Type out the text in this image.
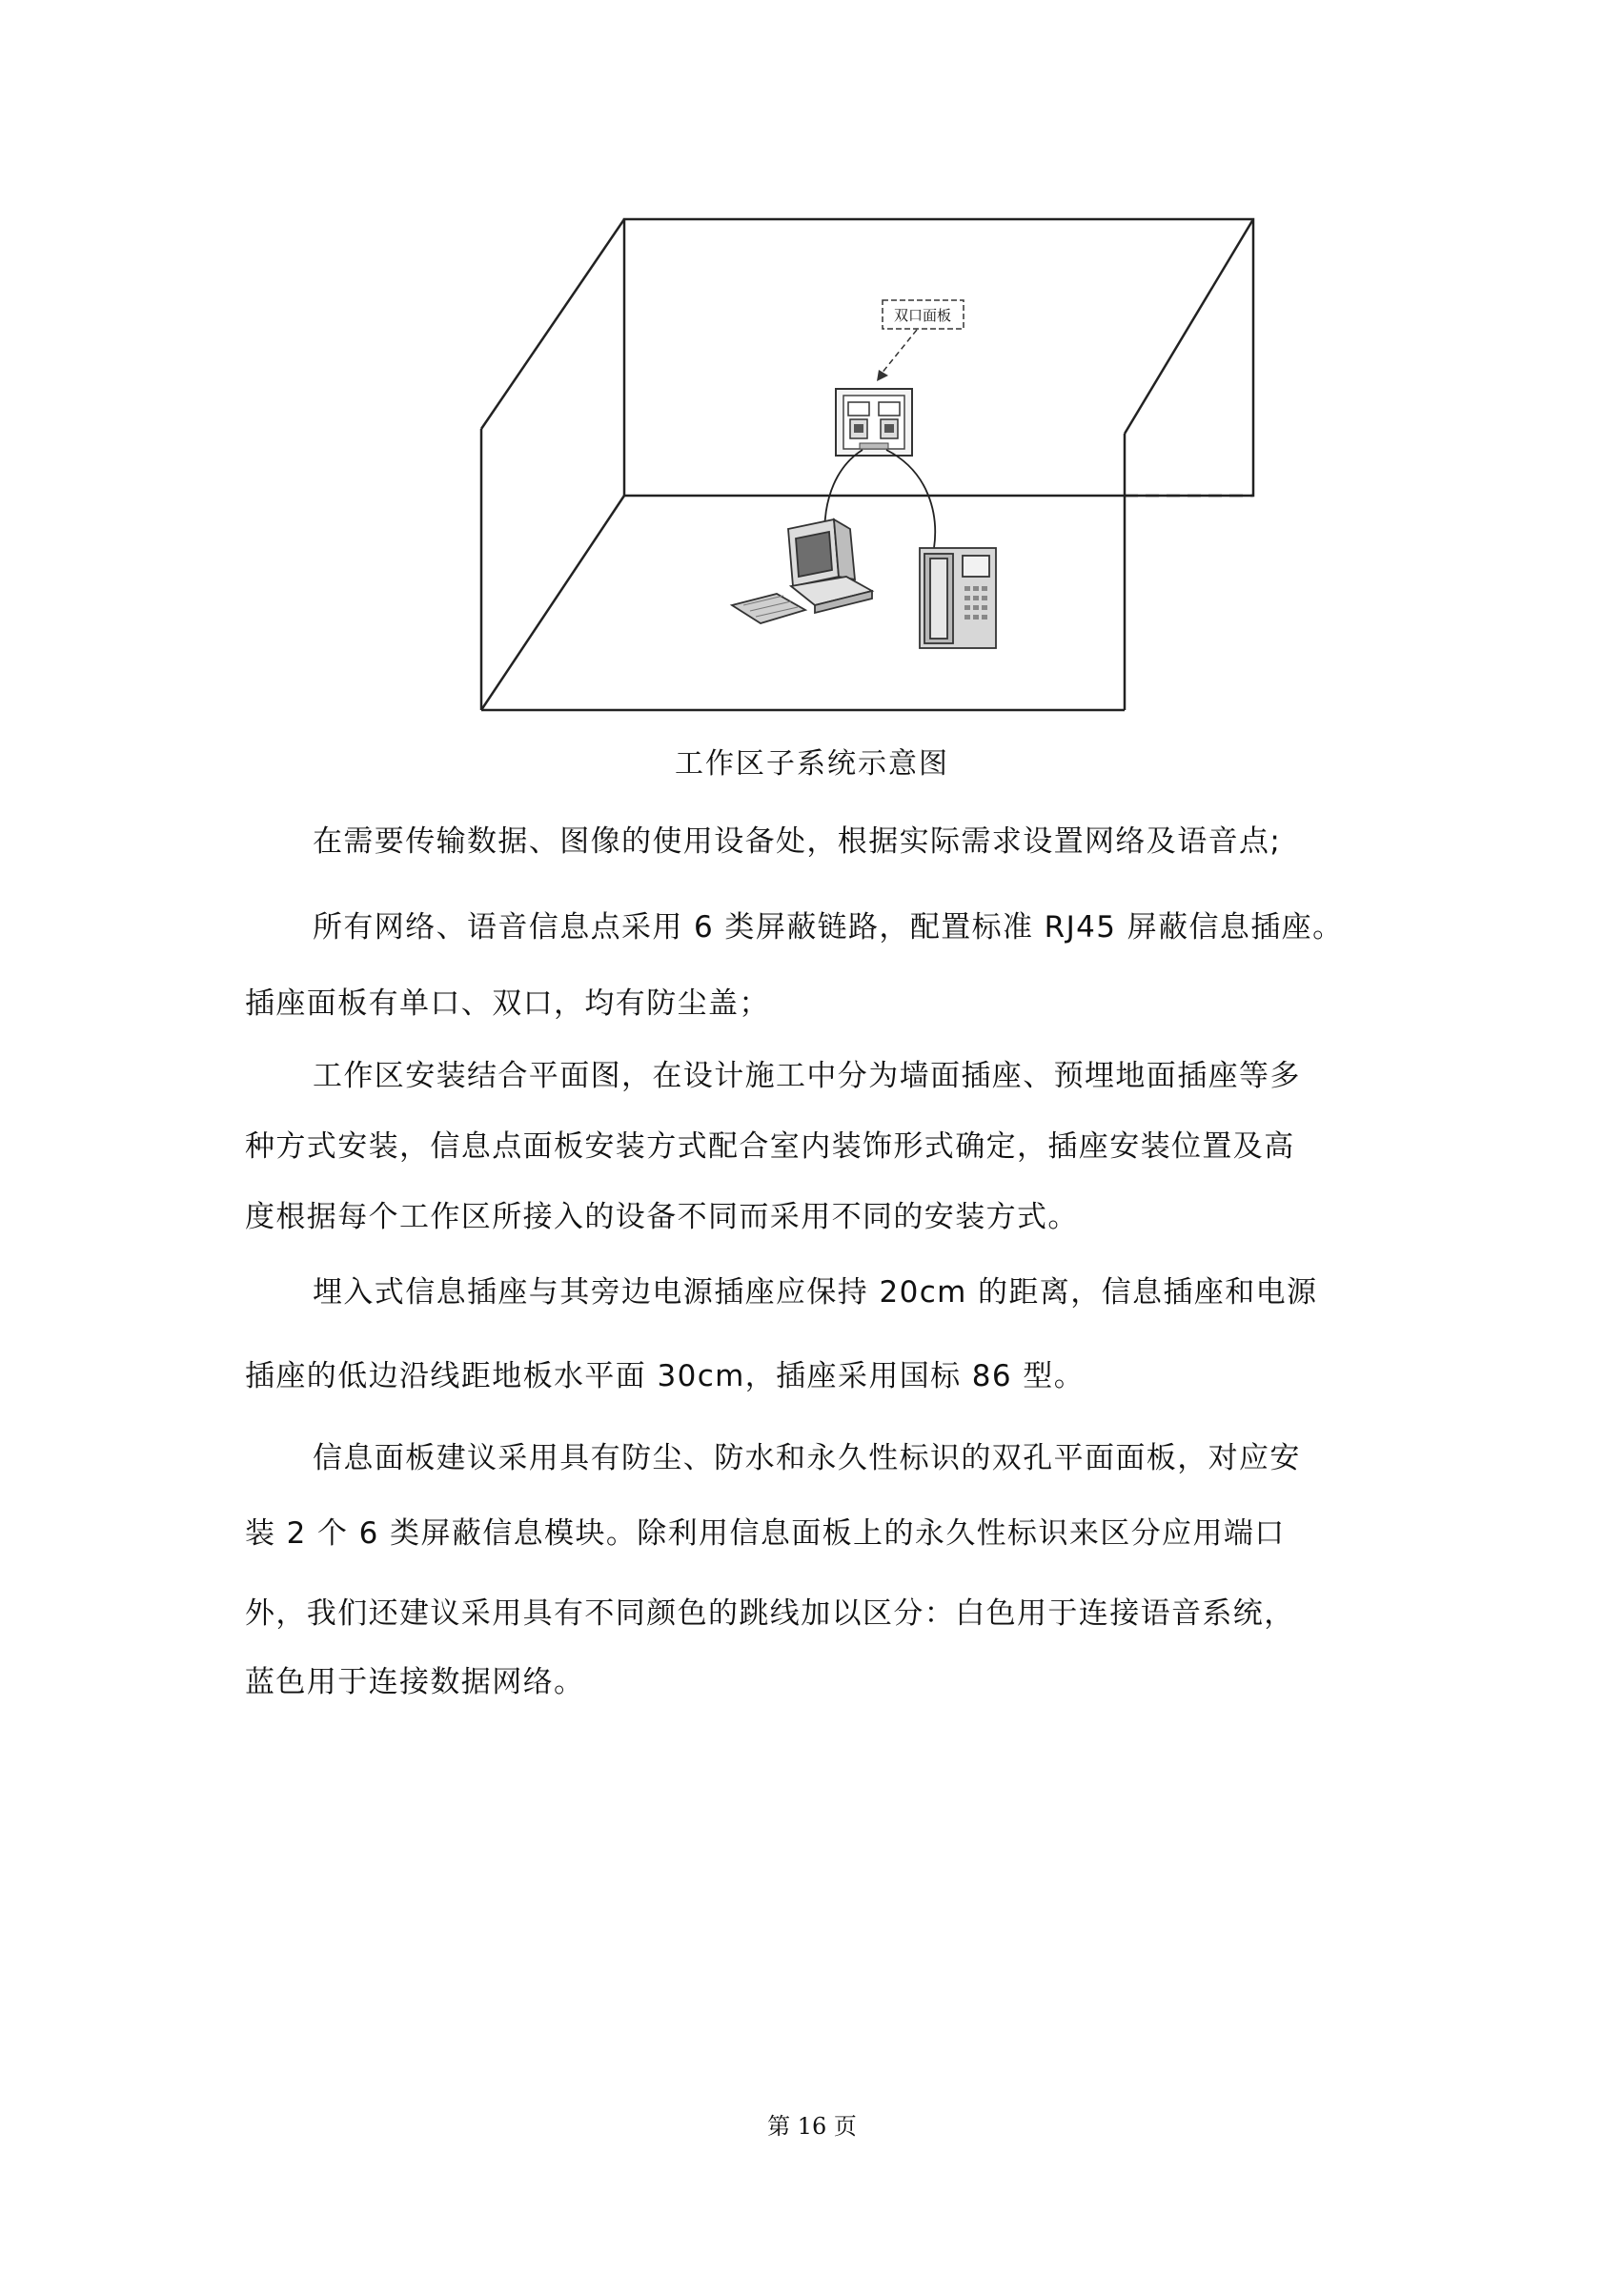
双口面板
工作区子系统示意图
在需要传输数据、图像的使用设备处，根据实际需求设置网络及语音点;
所有网络、语音信息点采用 6 类屏蔽链路，配置标准 RJ45 屏蔽信息插座。
插座面板有单口、双口，均有防尘盖；
工作区安装结合平面图，在设计施工中分为墙面插座、预埋地面插座等多
种方式安装，信息点面板安装方式配合室内装饰形式确定，插座安装位置及高
度根据每个工作区所接入的设备不同而采用不同的安装方式。
埋入式信息插座与其旁边电源插座应保持 20cm 的距离，信息插座和电源
插座的低边沿线距地板水平面 30cm，插座采用国标 86 型。
信息面板建议采用具有防尘、防水和永久性标识的双孔平面面板，对应安
装 2 个 6 类屏蔽信息模块。除利用信息面板上的永久性标识来区分应用端口
外，我们还建议采用具有不同颜色的跳线加以区分：白色用于连接语音系统，
蓝色用于连接数据网络。
第 16 页
